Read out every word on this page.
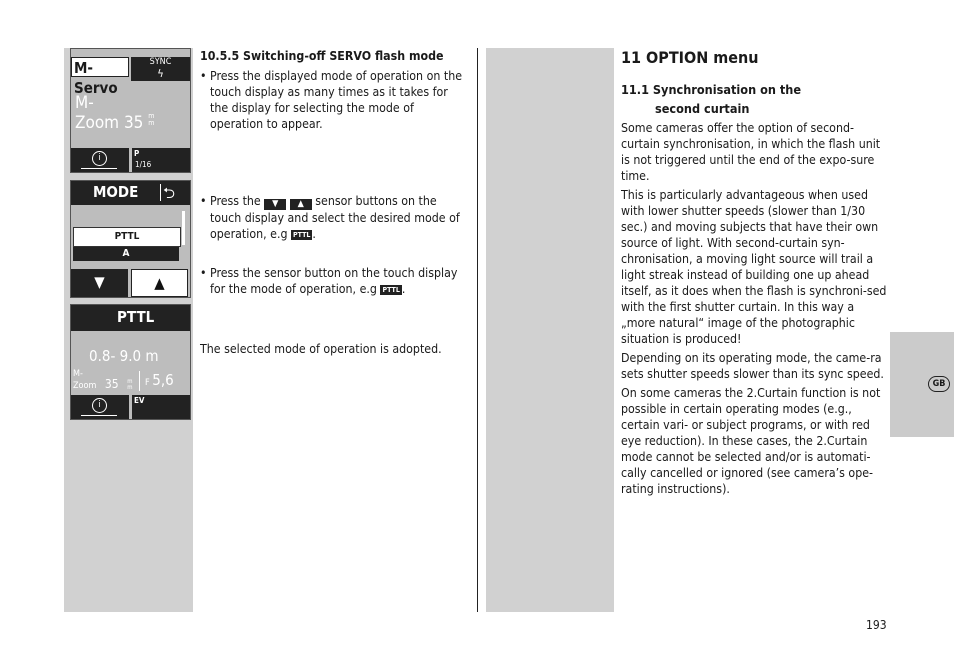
GB
M-Servo
SYNC
ϟ
M-
Zoom 35 m m
i	P
1/16
MODE ⮌
PTTL
A
▼	▲
PTTL
0.8- 9.0 m
M-
Zoom 35 m m F 5,6
i	EV
10.5.5 Switching-off SERVO flash mode
• Press the displayed mode of operation on the touch display as many times as it takes for the display for selecting the mode of operation to appear.
• Press the ▼ ▲ sensor buttons on the touch display and select the desired mode of operation, e.g PTTL .
• Press the sensor button on the touch display for the mode of operation, e.g PTTL .
The selected mode of operation is adopted.
11 OPTION menu
11.1 Synchronisation on the
second curtain

Some cameras offer the option of second-curtain synchronisation, in which the flash unit is not triggered until the end of the expo-sure time.

This is particularly advantageous when used with lower shutter speeds (slower than 1/30 sec.) and moving subjects that have their own source of light. With second-curtain syn-chronisation, a moving light source will trail a light streak instead of building one up ahead itself, as it does when the flash is synchroni-sed with the first shutter curtain. In this way a „more natural“ image of the photographic situation is produced!

Depending on its operating mode, the came-ra sets shutter speeds slower than its sync speed.

On some cameras the 2.Curtain function is not possible in certain operating modes (e.g., certain vari- or subject programs, or with red eye reduction). In these cases, the 2.Curtain mode cannot be selected and/or is automati-cally cancelled or ignored (see camera’s ope-rating instructions).

193
